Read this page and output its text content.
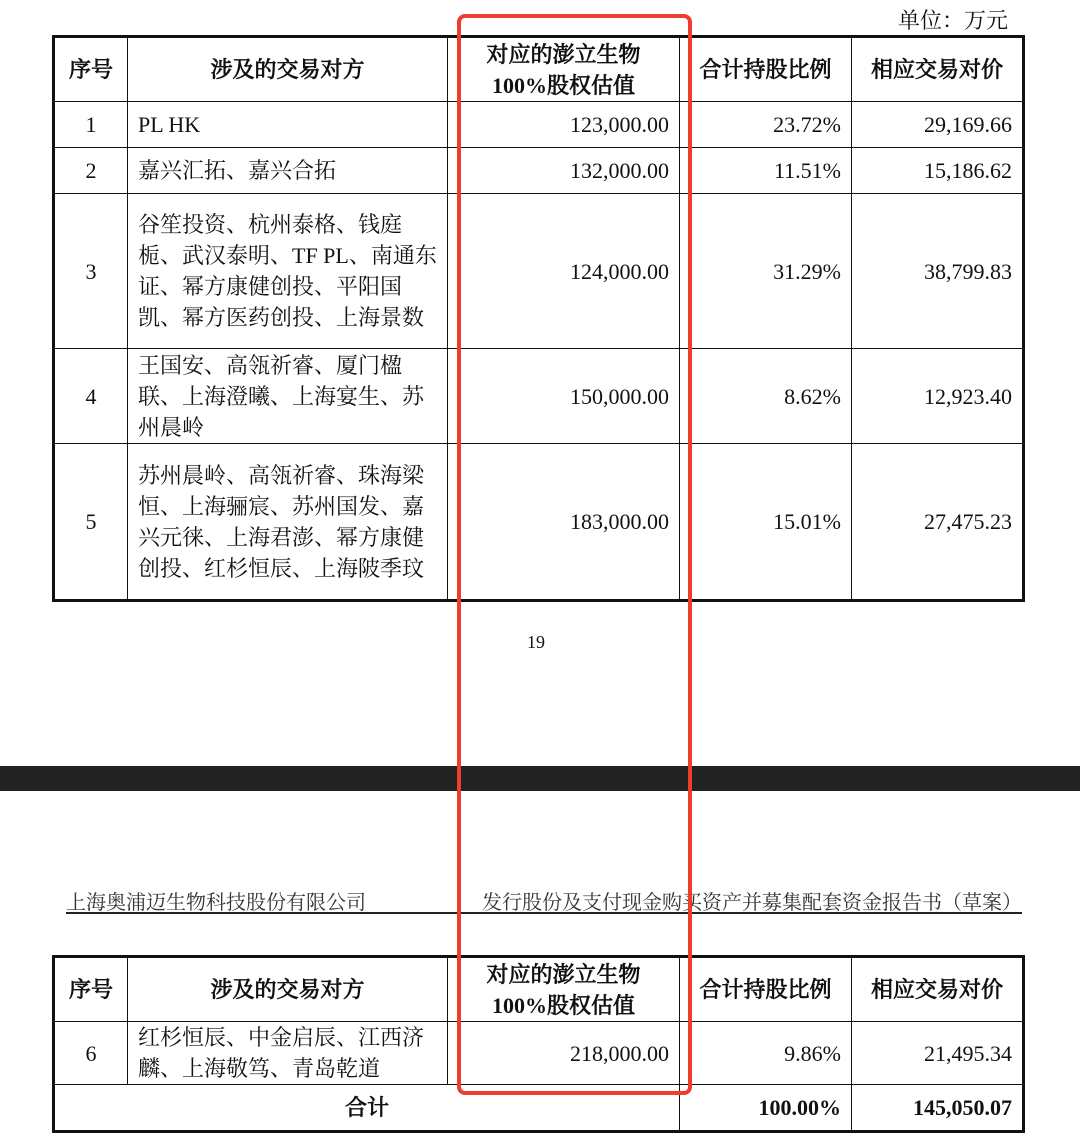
单位：万元
序号	涉及的交易对方	对应的澎立生物100%股权估值	合计持股比例	相应交易对价
1	PL HK	123,000.00	23.72%	29,169.66
2	嘉兴汇拓、嘉兴合拓	132,000.00	11.51%	15,186.62
3	谷笙投资、杭州泰格、钱庭栀、武汉泰明、TF PL、南通东证、幂方康健创投、平阳国凯、幂方医药创投、上海景数	124,000.00	31.29%	38,799.83
4	王国安、高瓴祈睿、厦门楹联、上海澄曦、上海宴生、苏州晨岭	150,000.00	8.62%	12,923.40
5	苏州晨岭、高瓴祈睿、珠海梁恒、上海骊宸、苏州国发、嘉兴元徕、上海君澎、幂方康健创投、红杉恒辰、上海陂季玟	183,000.00	15.01%	27,475.23
19
上海奥浦迈生物科技股份有限公司	发行股份及支付现金购买资产并募集配套资金报告书（草案）
序号	涉及的交易对方	对应的澎立生物100%股权估值	合计持股比例	相应交易对价
6	红杉恒辰、中金启辰、江西济麟、上海敬笃、青岛乾道	218,000.00	9.86%	21,495.34
合计			100.00%	145,050.07
